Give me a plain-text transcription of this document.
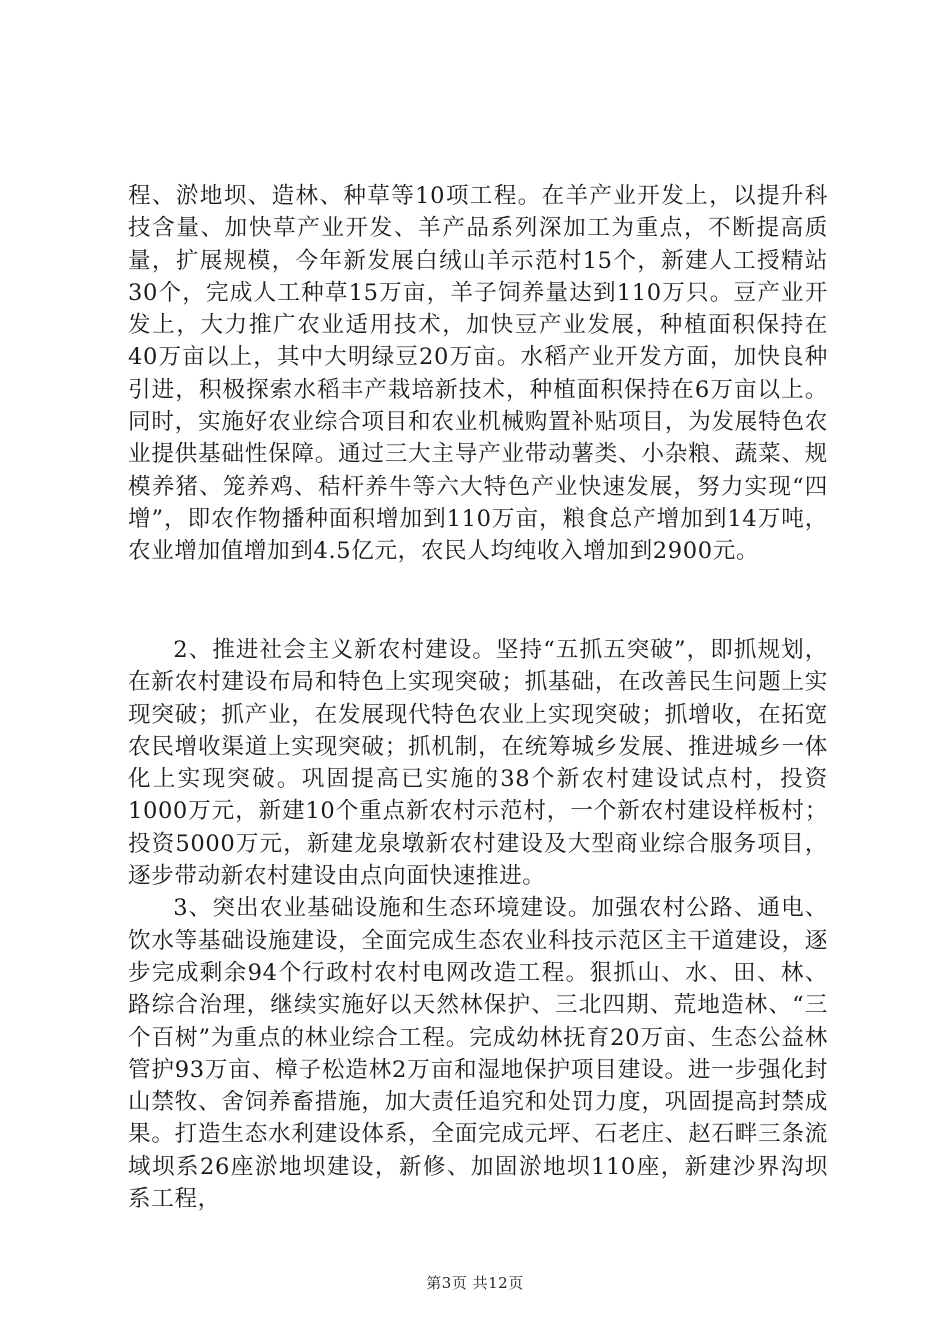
程、淤地坝、造林、种草等10项工程。在羊产业开发上，以提升科技含量、加快草产业开发、羊产品系列深加工为重点，不断提高质量，扩展规模，今年新发展白绒山羊示范村15个，新建人工授精站30个，完成人工种草15万亩，羊子饲养量达到110万只。豆产业开发上，大力推广农业适用技术，加快豆产业发展，种植面积保持在40万亩以上，其中大明绿豆20万亩。水稻产业开发方面，加快良种引进，积极探索水稻丰产栽培新技术，种植面积保持在6万亩以上。同时，实施好农业综合项目和农业机械购置补贴项目，为发展特色农业提供基础性保障。通过三大主导产业带动薯类、小杂粮、蔬菜、规模养猪、笼养鸡、秸杆养牛等六大特色产业快速发展，努力实现“四增”，即农作物播种面积增加到110万亩，粮食总产增加到14万吨，农业增加值增加到4.5亿元，农民人均纯收入增加到2900元。

2、推进社会主义新农村建设。坚持“五抓五突破”，即抓规划，在新农村建设布局和特色上实现突破；抓基础，在改善民生问题上实现突破；抓产业，在发展现代特色农业上实现突破；抓增收，在拓宽农民增收渠道上实现突破；抓机制，在统筹城乡发展、推进城乡一体化上实现突破。巩固提高已实施的38个新农村建设试点村，投资1000万元，新建10个重点新农村示范村，一个新农村建设样板村；投资5000万元，新建龙泉墩新农村建设及大型商业综合服务项目，逐步带动新农村建设由点向面快速推进。

3、突出农业基础设施和生态环境建设。加强农村公路、通电、饮水等基础设施建设，全面完成生态农业科技示范区主干道建设，逐步完成剩余94个行政村农村电网改造工程。狠抓山、水、田、林、路综合治理，继续实施好以天然林保护、三北四期、荒地造林、“三个百树”为重点的林业综合工程。完成幼林抚育20万亩、生态公益林管护93万亩、樟子松造林2万亩和湿地保护项目建设。进一步强化封山禁牧、舍饲养畜措施，加大责任追究和处罚力度，巩固提高封禁成果。打造生态水利建设体系，全面完成元坪、石老庄、赵石畔三条流域坝系26座淤地坝建设，新修、加固淤地坝110座，新建沙界沟坝系工程，

第3页 共12页
